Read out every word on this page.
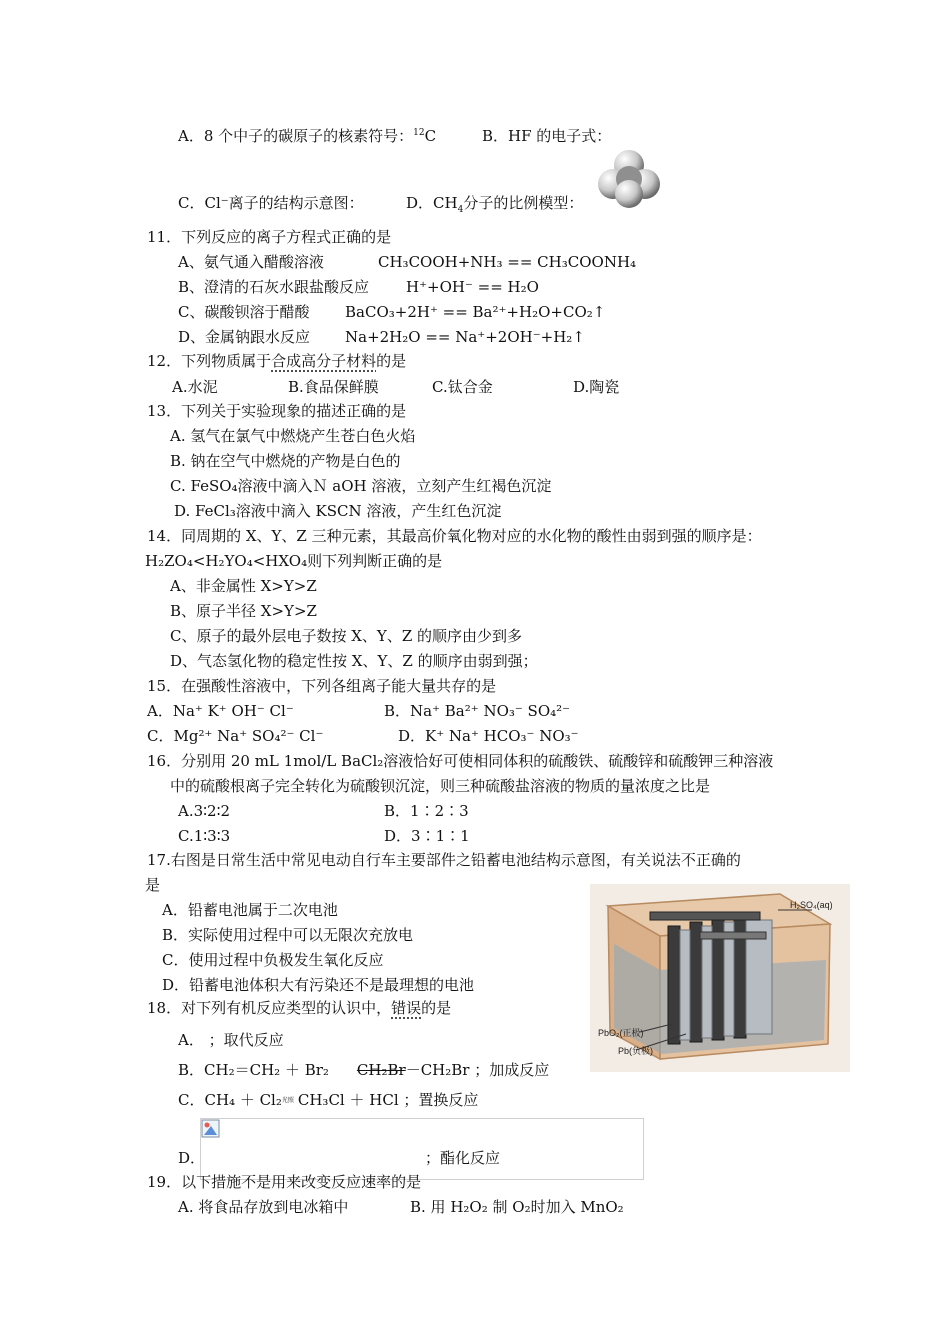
A．8 个中子的碳原子的核素符号：$^{12}$C	B．HF 的电子式：
C．Cl⁻离子的结构示意图：	D．$CH_4$分子的比例模型：
11．下列反应的离子方程式正确的是
A、氨气通入醋酸溶液	CH₃COOH+NH₃ == CH₃COONH₄
B、澄清的石灰水跟盐酸反应 H⁺+OH⁻ == H₂O
C、碳酸钡溶于醋酸 BaCO₃+2H⁺ == Ba²⁺+H₂O+CO₂↑
D、金属钠跟水反应 Na+2H₂O == Na⁺+2OH⁻+H₂↑
12．下列物质属于合成高分子材料的是
A.水泥	B.食品保鲜膜	C.钛合金	D.陶瓷
13．下列关于实验现象的描述正确的是
A. 氢气在氯气中燃烧产生苍白色火焰
B. 钠在空气中燃烧的产物是白色的
C. FeSO₄溶液中滴入Ｎ aOH 溶液，立刻产生红褐色沉淀
D. FeCl₃溶液中滴入 KSCN 溶液，产生红色沉淀
14．同周期的 X、Y、Z 三种元素，其最高价氧化物对应的水化物的酸性由弱到强的顺序是：
H₂ZO₄<H₂YO₄<HXO₄则下列判断正确的是
A、非金属性 X>Y>Z
B、原子半径 X>Y>Z
C、原子的最外层电子数按 X、Y、Z 的顺序由少到多
D、气态氢化物的稳定性按 X、Y、Z 的顺序由弱到强；
15．在强酸性溶液中，下列各组离子能大量共存的是
A．Na⁺ K⁺ OH⁻ Cl⁻	B．Na⁺ Ba²⁺ NO₃⁻ SO₄²⁻
C．Mg²⁺ Na⁺ SO₄²⁻ Cl⁻	D．K⁺ Na⁺ HCO₃⁻ NO₃⁻
16．分别用 20 mL 1mol/L BaCl₂溶液恰好可使相同体积的硫酸铁、硫酸锌和硫酸钾三种溶液
中的硫酸根离子完全转化为硫酸钡沉淀，则三种硫酸盐溶液的物质的量浓度之比是
A.3∶2∶2	B．1∶2∶3
C.1∶3∶3	D．3∶1∶1
17.右图是日常生活中常见电动自行车主要部件之铅蓄电池结构示意图，有关说法不正确的
是
A．铅蓄电池属于二次电池
B．实际使用过程中可以无限次充放电
C．使用过程中负极发生氧化反应
D．铅蓄电池体积大有污染还不是最理想的电池
H₂SO₄(aq)
PbO₂(正极)
Pb(负极)
18．对下列有机反应类型的认识中，错误的是
A． ；取代反应
B．CH₂＝CH₂ ＋ Br₂ CH₂Br－CH₂Br ；加成反应
C．CH₄ ＋ Cl₂光照 CH₃Cl ＋ HCl ；置换反应
D．	；酯化反应
19．以下措施不是用来改变反应速率的是
A. 将食品存放到电冰箱中	B. 用 H₂O₂ 制 O₂时加入 MnO₂
